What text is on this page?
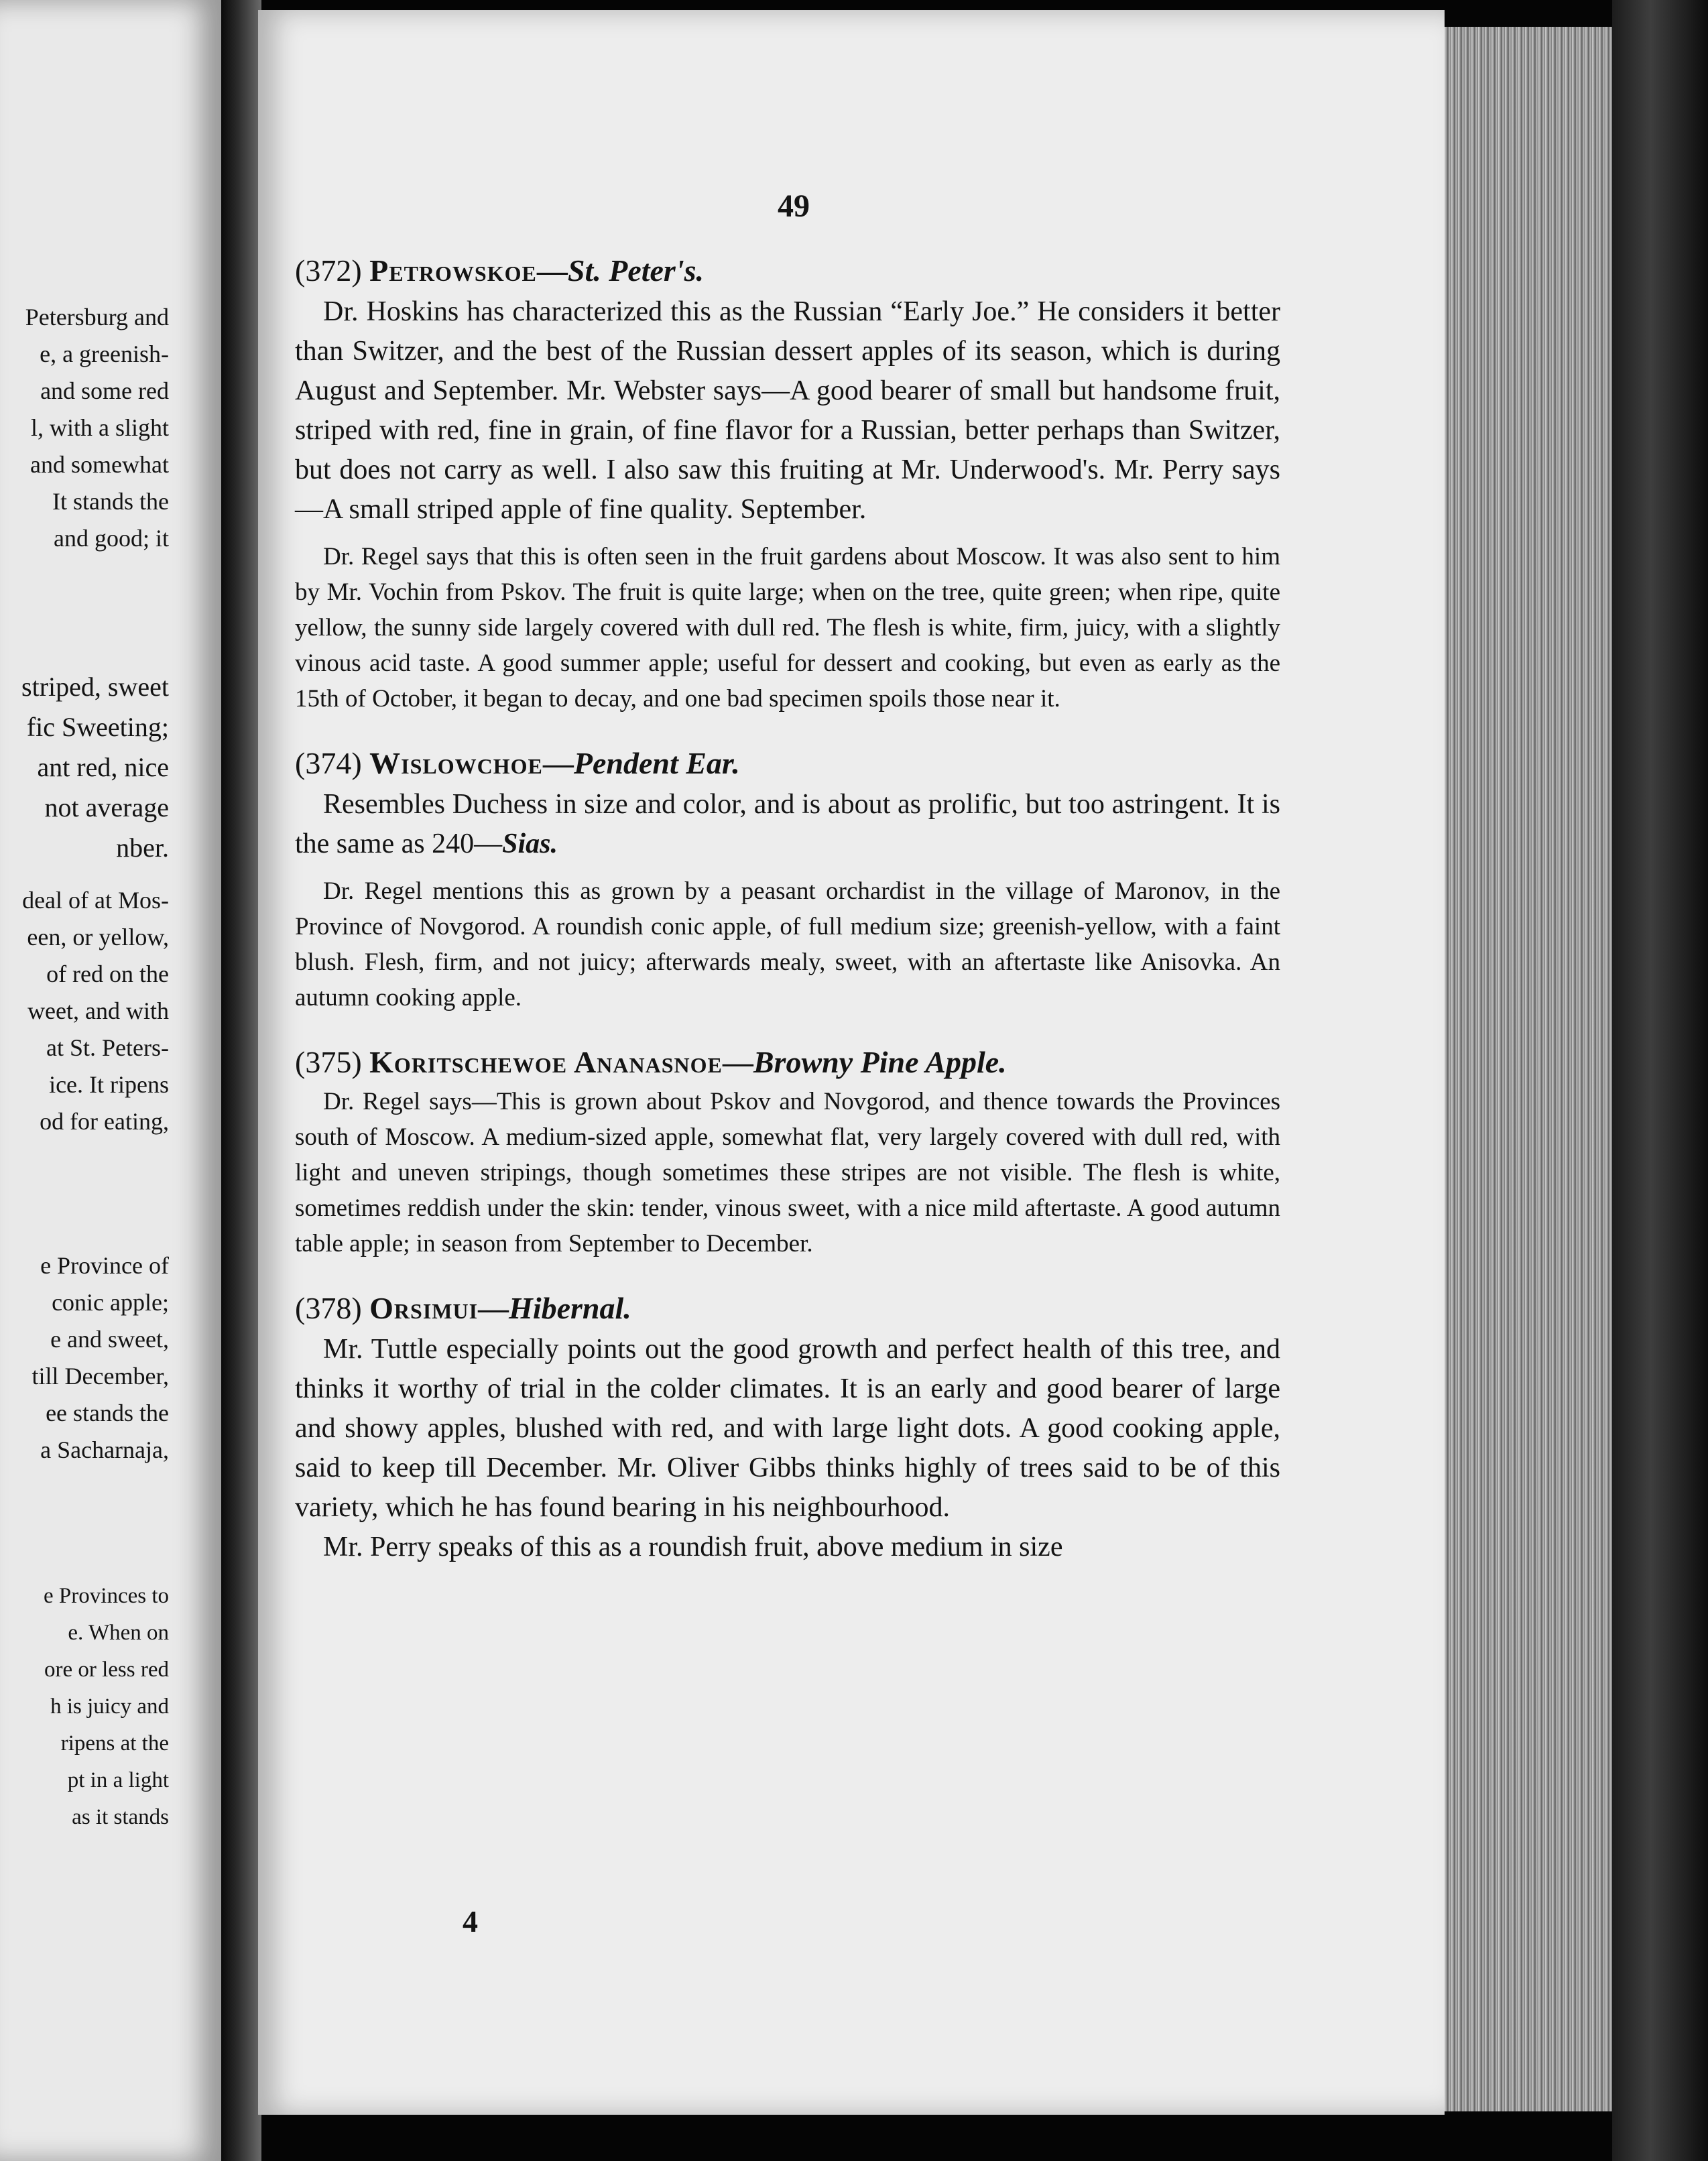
Petersburg and
e, a greenish-
and some red
l, with a slight
and somewhat
It stands the
and good; it
striped, sweet
fic Sweeting;
ant red, nice
not average
nber.
deal of at Mos-
een, or yellow,
of red on the
weet, and with
at St. Peters-
ice. It ripens
od for eating,
e Province of
conic apple;
e and sweet,
till December,
ee stands the
a Sacharnaja,
e Provinces to
e. When on
ore or less red
h is juicy and
ripens at the
pt in a light
as it stands
49
(372) Petrowskoe—St. Peter's.

Dr. Hoskins has characterized this as the Russian “Early Joe.” He considers it better than Switzer, and the best of the Russian dessert apples of its season, which is during August and September. Mr. Webster says—A good bearer of small but handsome fruit, striped with red, fine in grain, of fine flavor for a Russian, better perhaps than Switzer, but does not carry as well. I also saw this fruiting at Mr. Underwood's. Mr. Perry says—A small striped apple of fine quality. September.

Dr. Regel says that this is often seen in the fruit gardens about Moscow. It was also sent to him by Mr. Vochin from Pskov. The fruit is quite large; when on the tree, quite green; when ripe, quite yellow, the sunny side largely covered with dull red. The flesh is white, firm, juicy, with a slightly vinous acid taste. A good summer apple; useful for dessert and cooking, but even as early as the 15th of October, it began to decay, and one bad specimen spoils those near it.

(374) Wislowchoe—Pendent Ear.

Resembles Duchess in size and color, and is about as prolific, but too astringent. It is the same as 240—Sias.

Dr. Regel mentions this as grown by a peasant orchardist in the village of Maronov, in the Province of Novgorod. A roundish conic apple, of full medium size; greenish-yellow, with a faint blush. Flesh, firm, and not juicy; afterwards mealy, sweet, with an aftertaste like Anisovka. An autumn cooking apple.

(375) Koritschewoe Ananasnoe—Browny Pine Apple.

Dr. Regel says—This is grown about Pskov and Novgorod, and thence towards the Provinces south of Moscow. A medium-sized apple, somewhat flat, very largely covered with dull red, with light and uneven stripings, though sometimes these stripes are not visible. The flesh is white, sometimes reddish under the skin: tender, vinous sweet, with a nice mild aftertaste. A good autumn table apple; in season from September to December.

(378) Orsimui—Hibernal.

Mr. Tuttle especially points out the good growth and perfect health of this tree, and thinks it worthy of trial in the colder climates. It is an early and good bearer of large and showy apples, blushed with red, and with large light dots. A good cooking apple, said to keep till December. Mr. Oliver Gibbs thinks highly of trees said to be of this variety, which he has found bearing in his neighbourhood.

Mr. Perry speaks of this as a roundish fruit, above medium in size

4
